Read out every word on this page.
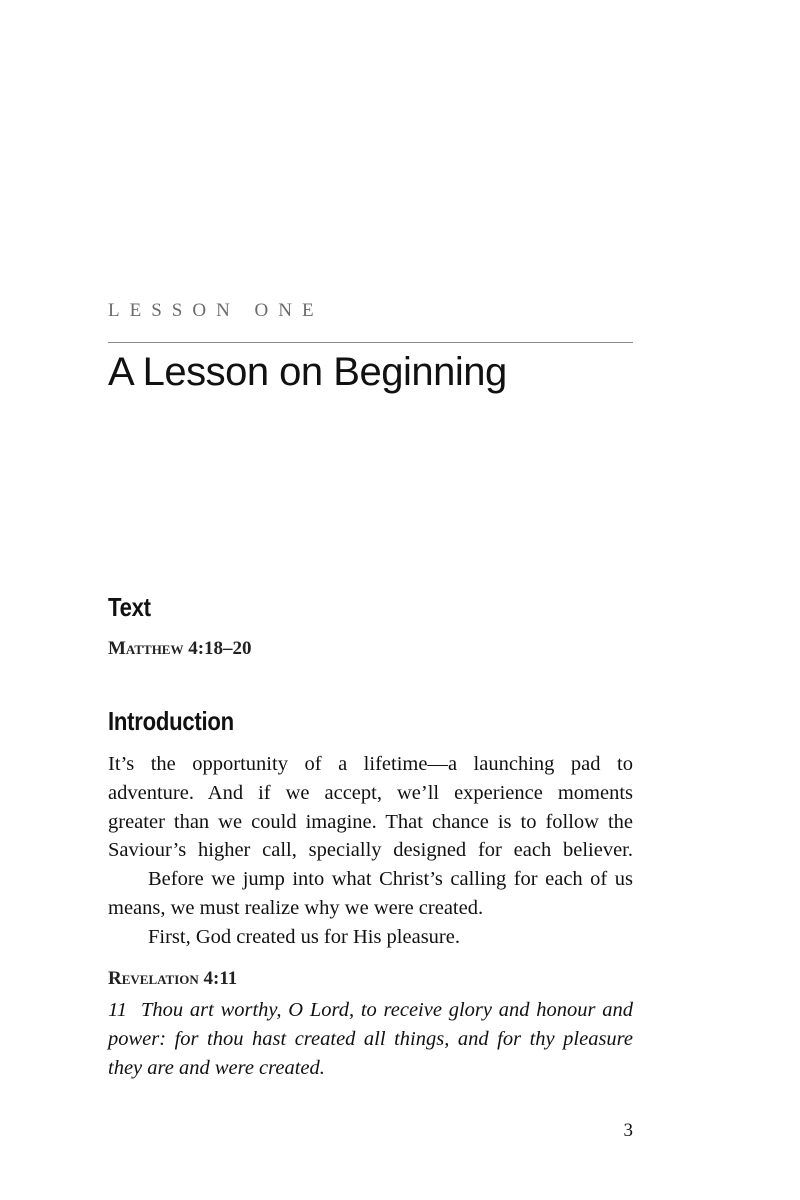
LESSON ONE
A Lesson on Beginning
Text
Matthew 4:18–20
Introduction
It’s the opportunity of a lifetime—a launching pad to
adventure. And if we accept, we’ll experience moments
greater than we could imagine. That chance is to follow the
Saviour’s higher call, specially designed for each believer.
Before we jump into what Christ’s calling for each of us
means, we must realize why we were created.
First, God created us for His pleasure.
Revelation 4:11
11 Thou art worthy, O Lord, to receive glory and honour and
power: for thou hast created all things, and for thy pleasure
they are and were created.
3
